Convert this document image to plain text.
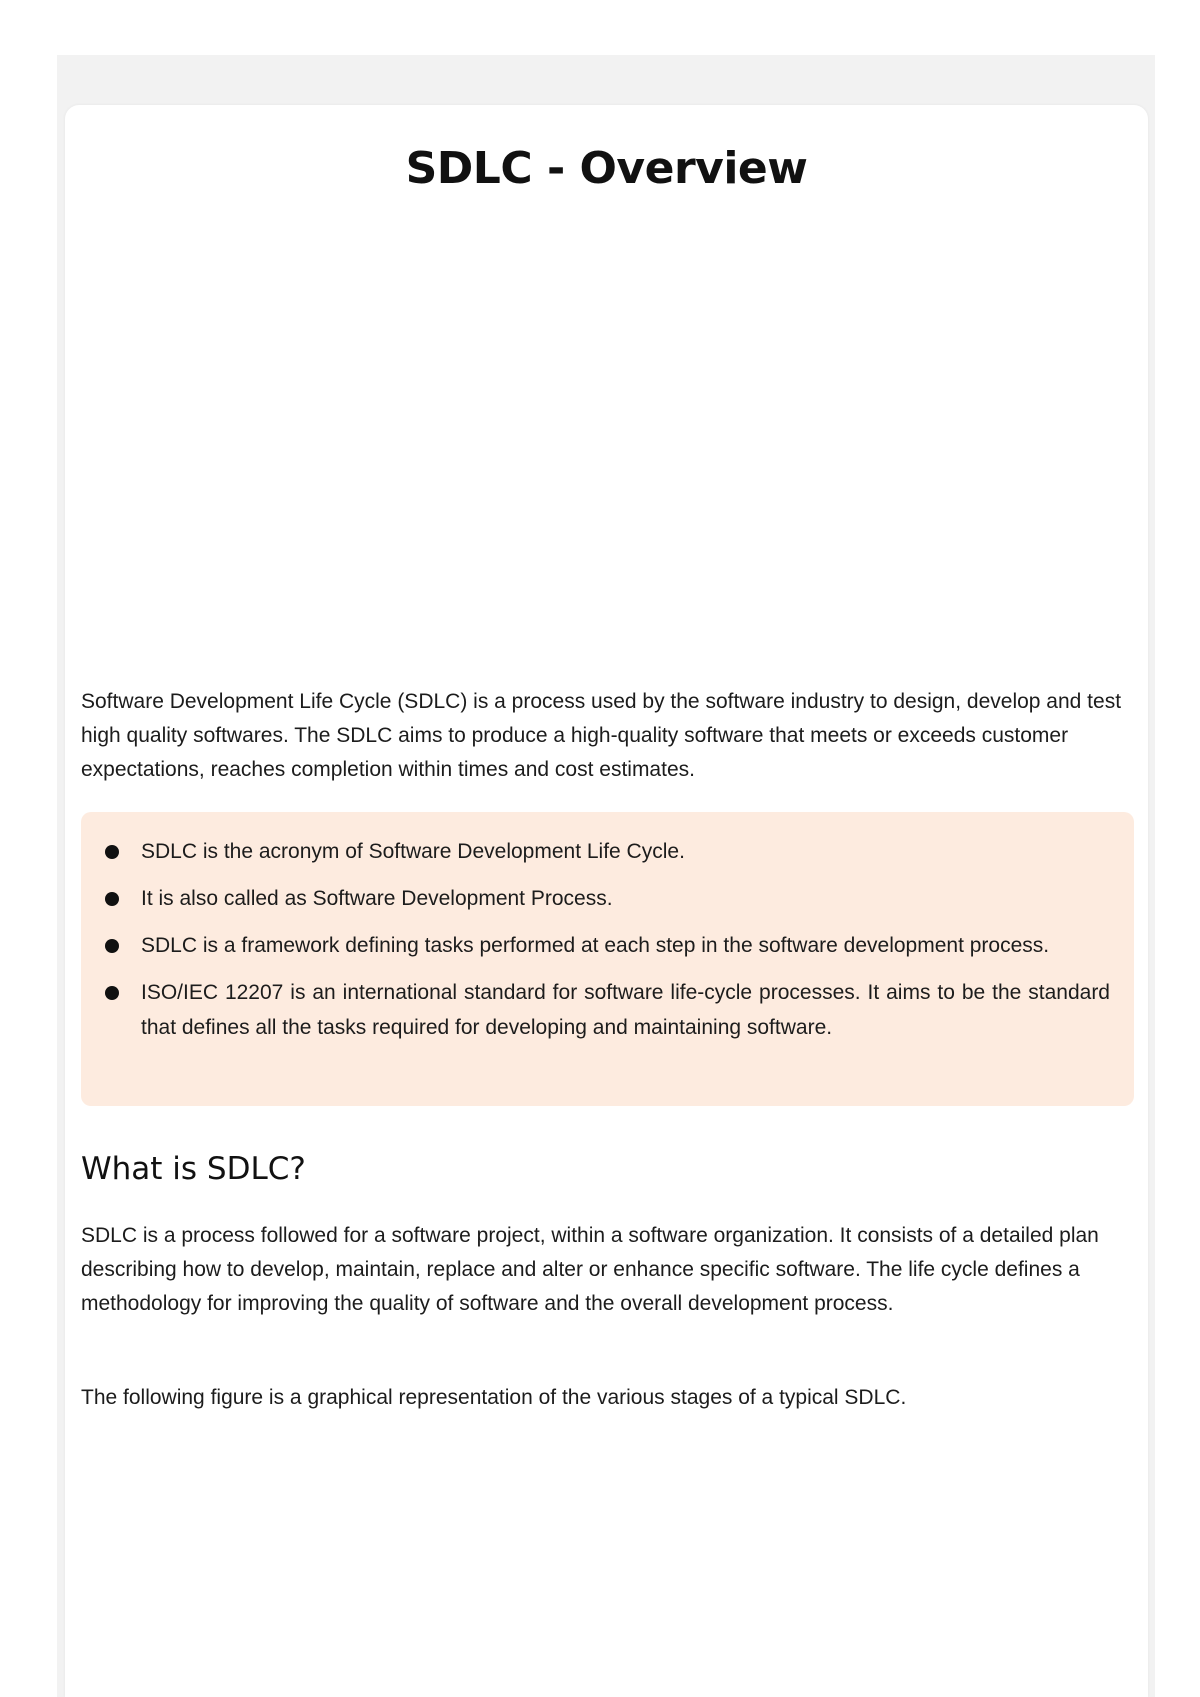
SDLC - Overview

Software Development Life Cycle (SDLC) is a process used by the software industry to design, develop and test high quality softwares. The SDLC aims to produce a high-quality software that meets or exceeds customer expectations, reaches completion within times and cost estimates.

SDLC is the acronym of Software Development Life Cycle.
It is also called as Software Development Process.
SDLC is a framework defining tasks performed at each step in the software development process.
ISO/IEC 12207 is an international standard for software life-cycle processes. It aims to be the standard that defines all the tasks required for developing and maintaining software.
What is SDLC?

SDLC is a process followed for a software project, within a software organization. It consists of a detailed plan describing how to develop, maintain, replace and alter or enhance specific software. The life cycle defines a methodology for improving the quality of software and the overall development process.

The following figure is a graphical representation of the various stages of a typical SDLC.
